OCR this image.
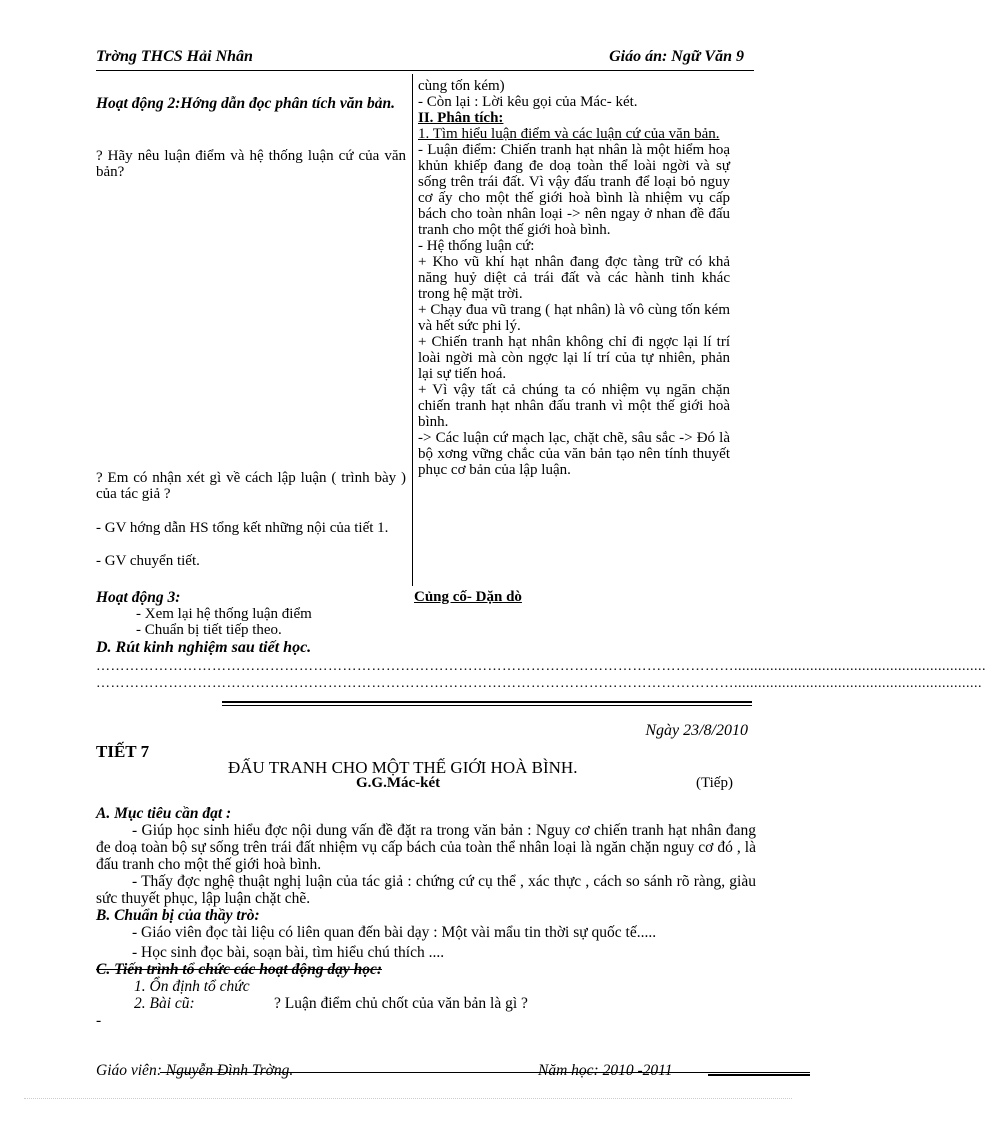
Trờng THCS Hải Nhân	Giáo án: Ngữ Văn 9

Hoạt động 2:Hớng dẫn đọc phân tích văn bản.

? Hãy nêu luận điểm và hệ thống luận cứ của văn bản?
? Em có nhận xét gì về cách lập luận ( trình bày ) của tác giả ?
- GV hớng dẫn HS tổng kết những nội của tiết 1.
- GV chuyển tiết.

cùng tốn kém)

- Còn lại : Lời kêu gọi của Mác- két.

II. Phân tích:

1. Tìm hiểu luận điểm và các luận cứ của văn bản.

- Luận điểm: Chiến tranh hạt nhân là một hiểm hoạ khủn khiếp đang đe doạ toàn thể loài ngời và sự sống trên trái đất. Vì vậy đấu tranh để loại bỏ nguy cơ ấy cho một thế giới hoà bình là nhiệm vụ cấp bách cho toàn nhân loại -> nên ngay ở nhan đề đấu tranh cho một thế giới hoà bình.

- Hệ thống luận cứ:

+ Kho vũ khí hạt nhân đang đợc tàng trữ có khả năng huỷ diệt cả trái đất và các hành tinh khác trong hệ mặt trời.

+ Chạy đua vũ trang ( hạt nhân) là vô cùng tốn kém và hết sức phi lý.

+ Chiến tranh hạt nhân không chỉ đi ngợc lại lí trí loài ngời mà còn ngợc lại lí trí của tự nhiên, phản lại sự tiến hoá.

+ Vì vậy tất cả chúng ta có nhiệm vụ ngăn chặn chiến tranh hạt nhân đấu tranh vì một thế giới hoà bình.

-> Các luận cứ mạch lạc, chặt chẽ, sâu sắc -> Đó là bộ xơng vững chắc của văn bản tạo nên tính thuyết phục cơ bản của lập luận.

Hoạt động 3:	Củng cố- Dặn dò
- Xem lại hệ thống luận điểm
- Chuẩn bị tiết tiếp theo.
D. Rút kinh nghiệm sau tiết học.
……………………………………………………………………………………………………………………...............................................................
……………………………………………………………………………………………………………………..............................................................
Ngày 23/8/2010
TIẾT 7
ĐẤU TRANH CHO MỘT THẾ GIỚI HOÀ BÌNH.
G.G.Mác-két	(Tiếp)

A. Mục tiêu cần đạt :

- Giúp học sinh hiểu đợc nội dung vấn đề đặt ra trong văn bản : Nguy cơ chiến tranh hạt nhân đang đe doạ toàn bộ sự sống trên trái đất nhiệm vụ cấp bách của toàn thể nhân loại là ngăn chặn nguy cơ đó , là đấu tranh cho một thế giới hoà bình.

- Thấy đợc nghệ thuật nghị luận của tác giả : chứng cứ cụ thể , xác thực , cách so sánh rõ ràng, giàu sức thuyết phục, lập luận chặt chẽ.

B. Chuẩn bị của thầy trò:

- Giáo viên đọc tài liệu có liên quan đến bài dạy : Một vài mẩu tin thời sự quốc tế.....

- Học sinh đọc bài, soạn bài, tìm hiểu chú thích ....

C. Tiến trình tổ chức các hoạt động dạy học:

1. Ổn định tổ chức

2. Bài cũ:	? Luận điểm chủ chốt của văn bản là gì ?

-

Giáo viên: Nguyễn Đình Trờng.	Năm học: 2010 -2011
